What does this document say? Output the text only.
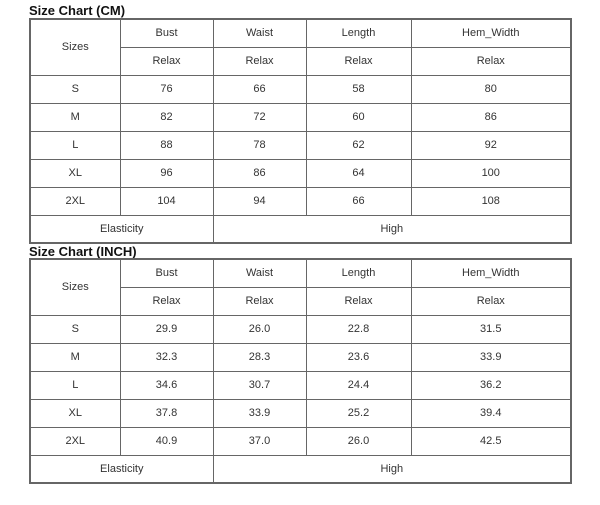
Size Chart (CM)
Sizes	Bust	Waist	Length	Hem_Width
	Relax	Relax	Relax	Relax
S	76	66	58	80
M	82	72	60	86
L	88	78	62	92
XL	96	86	64	100
2XL	104	94	66	108
Elasticity		High		
Size Chart (INCH)
Sizes	Bust	Waist	Length	Hem_Width
	Relax	Relax	Relax	Relax
S	29.9	26.0	22.8	31.5
M	32.3	28.3	23.6	33.9
L	34.6	30.7	24.4	36.2
XL	37.8	33.9	25.2	39.4
2XL	40.9	37.0	26.0	42.5
Elasticity		High		
